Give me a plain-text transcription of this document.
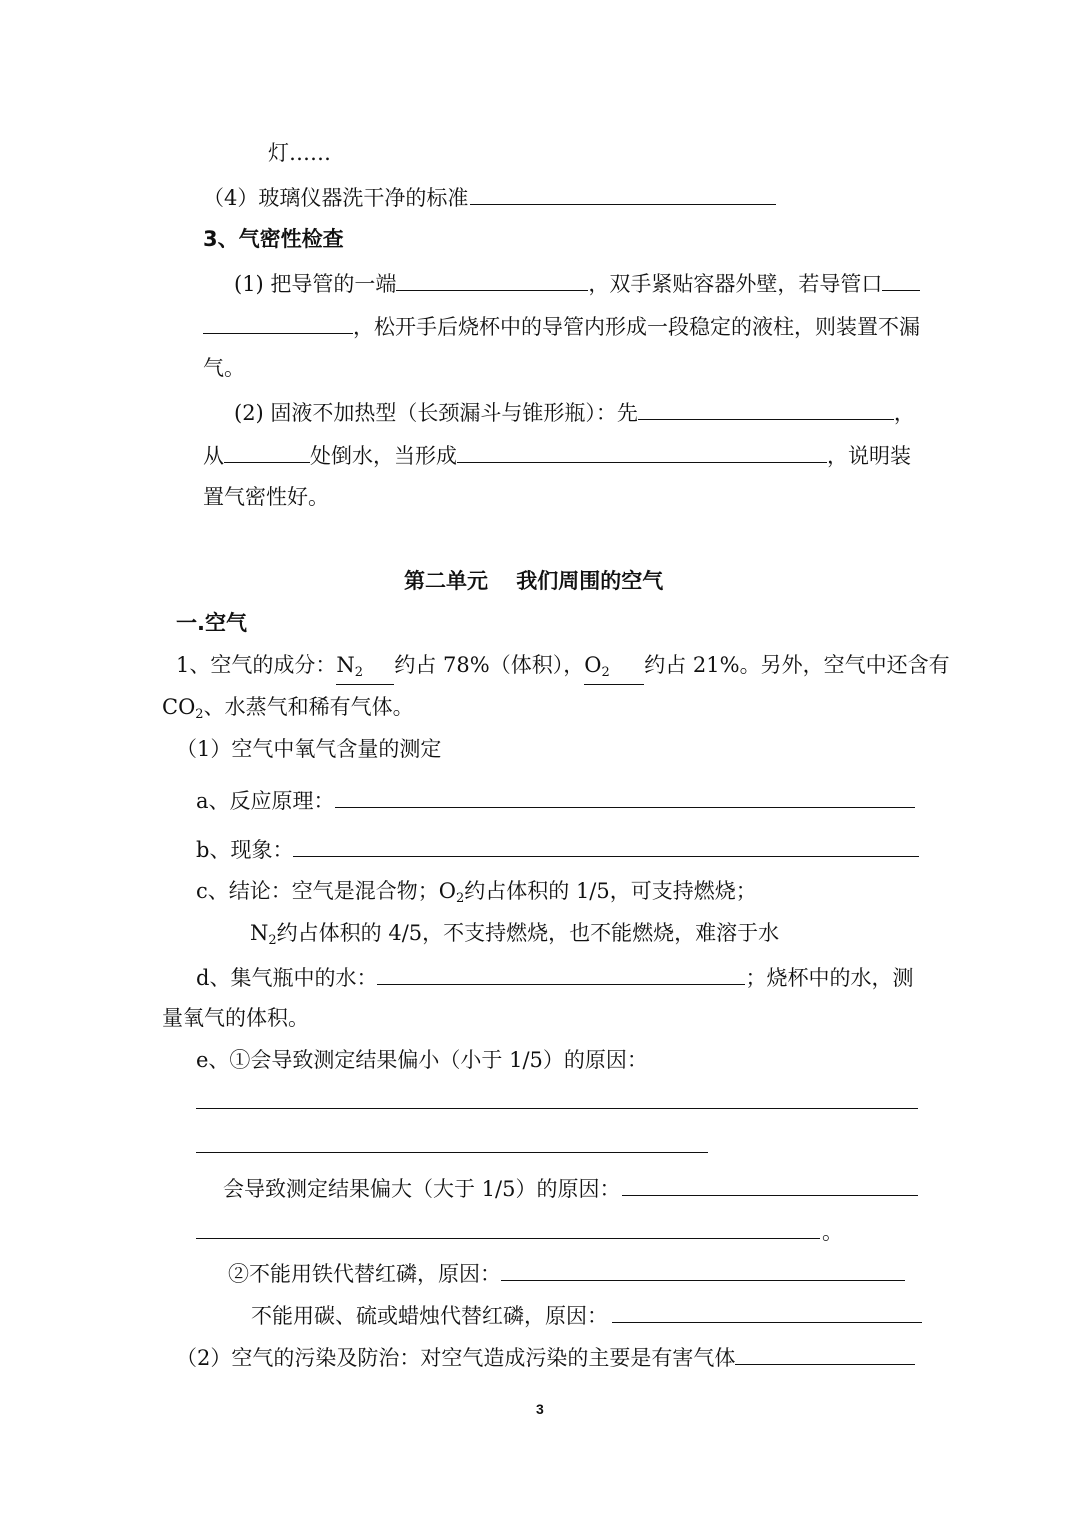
灯……
（4）玻璃仪器洗干净的标准
3、气密性检查
(1) 把导管的一端	，双手紧贴容器外壁，若导管口
，松开手后烧杯中的导管内形成一段稳定的液柱，则装置不漏
气。
(2) 固液不加热型（长颈漏斗与锥形瓶）：先	，
从	处倒水，当形成	，说明装
置气密性好。
第二单元　 我们周围的空气
一.空气
1、空气的成分：$N_2$ 约占 78%（体积），$O_2$ 约占 21%。另外，空气中还含有
$CO_2$、水蒸气和稀有气体。
（1）空气中氧气含量的测定
a、反应原理：
b、现象：
c、结论：空气是混合物；$O_2$约占体积的 1/5，可支持燃烧；
$N_2$约占体积的 4/5，不支持燃烧，也不能燃烧，难溶于水
d、集气瓶中的水：	；烧杯中的水，测
量氧气的体积。
e、①会导致测定结果偏小（小于 1/5）的原因：
会导致测定结果偏大（大于 1/5）的原因：
。
②不能用铁代替红磷，原因：
不能用碳、硫或蜡烛代替红磷，原因：
（2）空气的污染及防治：对空气造成污染的主要是有害气体
3
